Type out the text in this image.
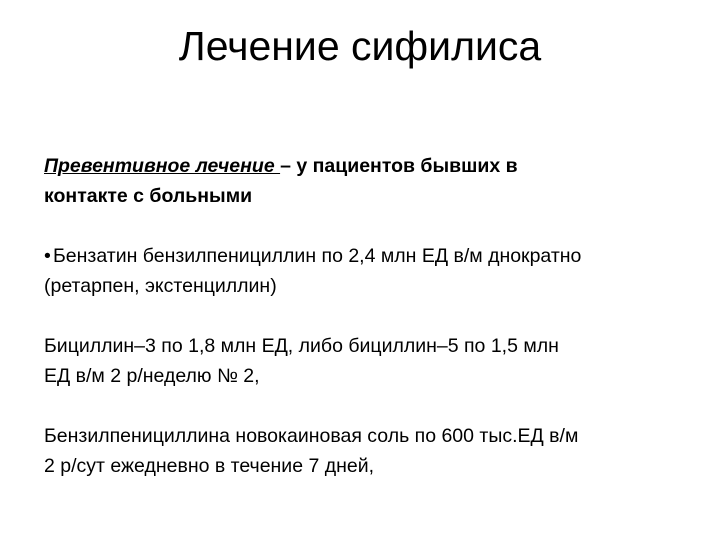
Лечение сифилиса

Превентивное лечение – у пациентов бывших в
контакте с больными

• Бензатин бензилпенициллин по 2,4 млн ЕД в/м днократно
(ретарпен, экстенциллин)

Бициллин–3 по 1,8 млн ЕД, либо бициллин–5 по 1,5 млн
ЕД в/м 2 р/неделю № 2,

Бензилпенициллина новокаиновая соль по 600 тыс.ЕД в/м
2 р/сут ежедневно в течение 7 дней,
